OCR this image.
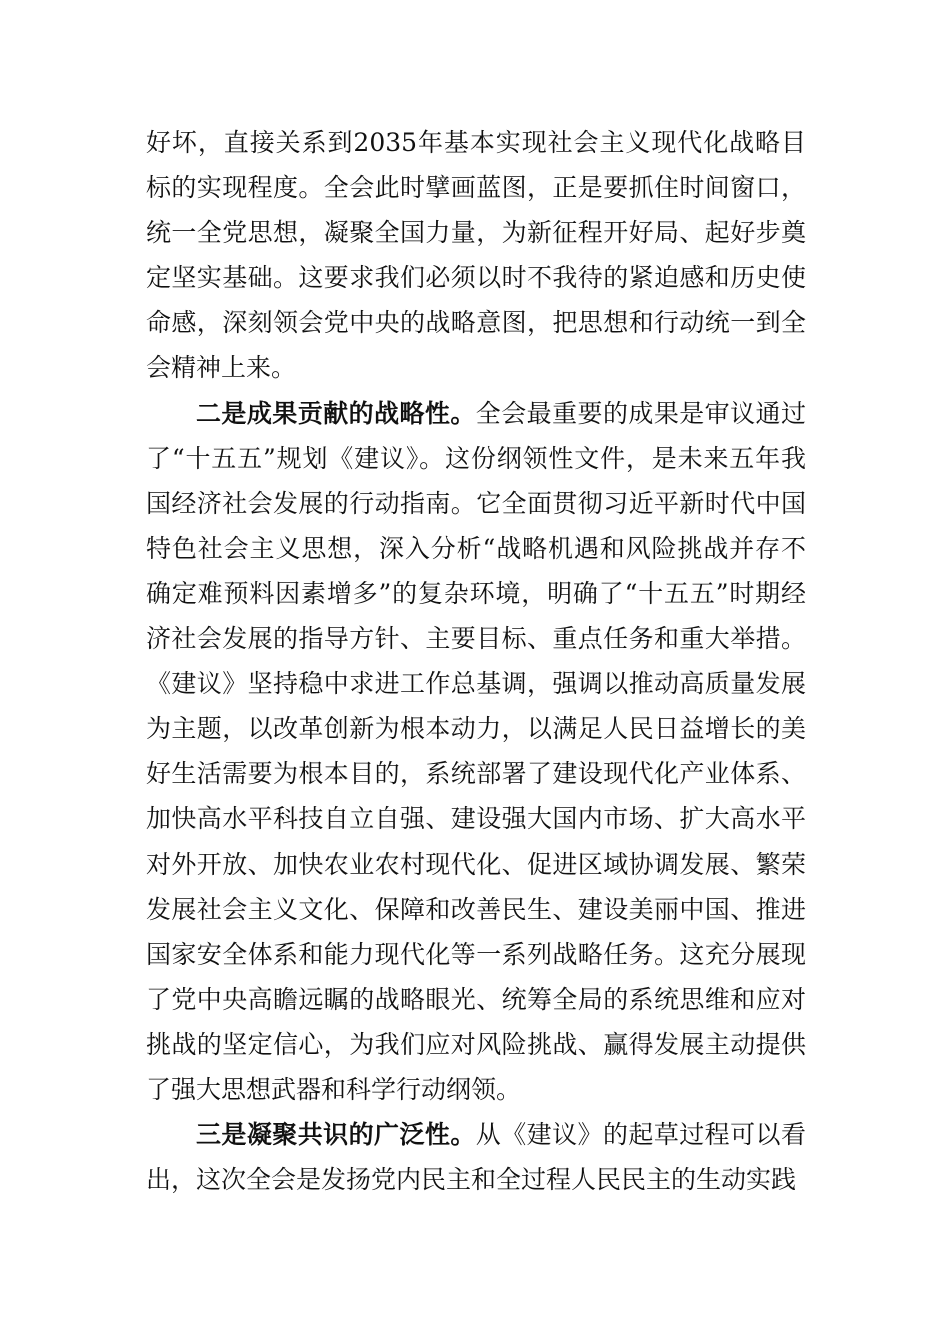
好坏，直接关系到2035年基本实现社会主义现代化战略目标的实现程度。全会此时擘画蓝图，正是要抓住时间窗口，统一全党思想，凝聚全国力量，为新征程开好局、起好步奠定坚实基础。这要求我们必须以时不我待的紧迫感和历史使命感，深刻领会党中央的战略意图，把思想和行动统一到全会精神上来。

二是成果贡献的战略性。全会最重要的成果是审议通过了“十五五”规划《建议》。这份纲领性文件，是未来五年我国经济社会发展的行动指南。它全面贯彻习近平新时代中国特色社会主义思想，深入分析“战略机遇和风险挑战并存不确定难预料因素增多”的复杂环境，明确了“十五五”时期经济社会发展的指导方针、主要目标、重点任务和重大举措。《建议》坚持稳中求进工作总基调，强调以推动高质量发展为主题，以改革创新为根本动力，以满足人民日益增长的美好生活需要为根本目的，系统部署了建设现代化产业体系、加快高水平科技自立自强、建设强大国内市场、扩大高水平对外开放、加快农业农村现代化、促进区域协调发展、繁荣发展社会主义文化、保障和改善民生、建设美丽中国、推进国家安全体系和能力现代化等一系列战略任务。这充分展现了党中央高瞻远瞩的战略眼光、统筹全局的系统思维和应对挑战的坚定信心，为我们应对风险挑战、赢得发展主动提供了强大思想武器和科学行动纲领。

三是凝聚共识的广泛性。从《建议》的起草过程可以看出，这次全会是发扬党内民主和全过程人民民主的生动实践
